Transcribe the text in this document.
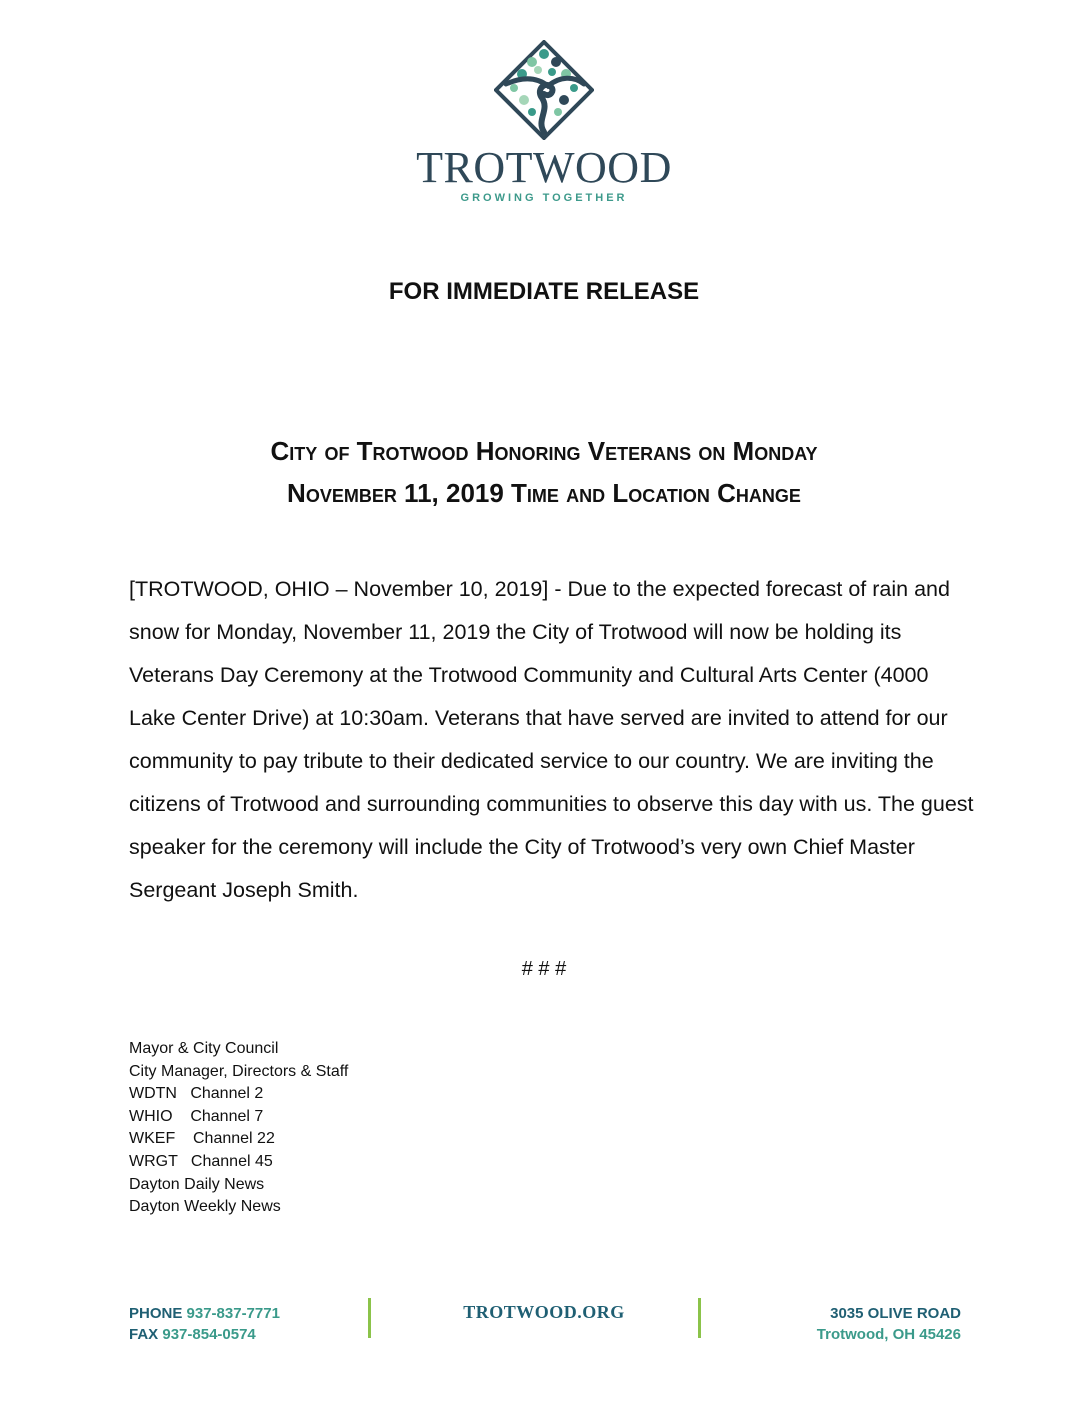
TROTWOOD
GROWING TOGETHER
FOR IMMEDIATE RELEASE
City of Trotwood Honoring Veterans on Monday
November 11, 2019 Time and Location Change
[TROTWOOD, OHIO – November 10, 2019] - Due to the expected forecast of rain and snow for Monday, November 11, 2019 the City of Trotwood will now be holding its Veterans Day Ceremony at the Trotwood Community and Cultural Arts Center (4000 Lake Center Drive) at 10:30am. Veterans that have served are invited to attend for our community to pay tribute to their dedicated service to our country. We are inviting the citizens of Trotwood and surrounding communities to observe this day with us. The guest speaker for the ceremony will include the City of Trotwood’s very own Chief Master Sergeant Joseph Smith.
# # #
Mayor & City Council
City Manager, Directors & Staff
WDTN   Channel 2
WHIO    Channel 7
WKEF    Channel 22
WRGT   Channel 45
Dayton Daily News
Dayton Weekly News
PHONE 937-837-7771
FAX 937-854-0574
TROTWOOD.ORG	3035 OLIVE ROAD
Trotwood, OH 45426
